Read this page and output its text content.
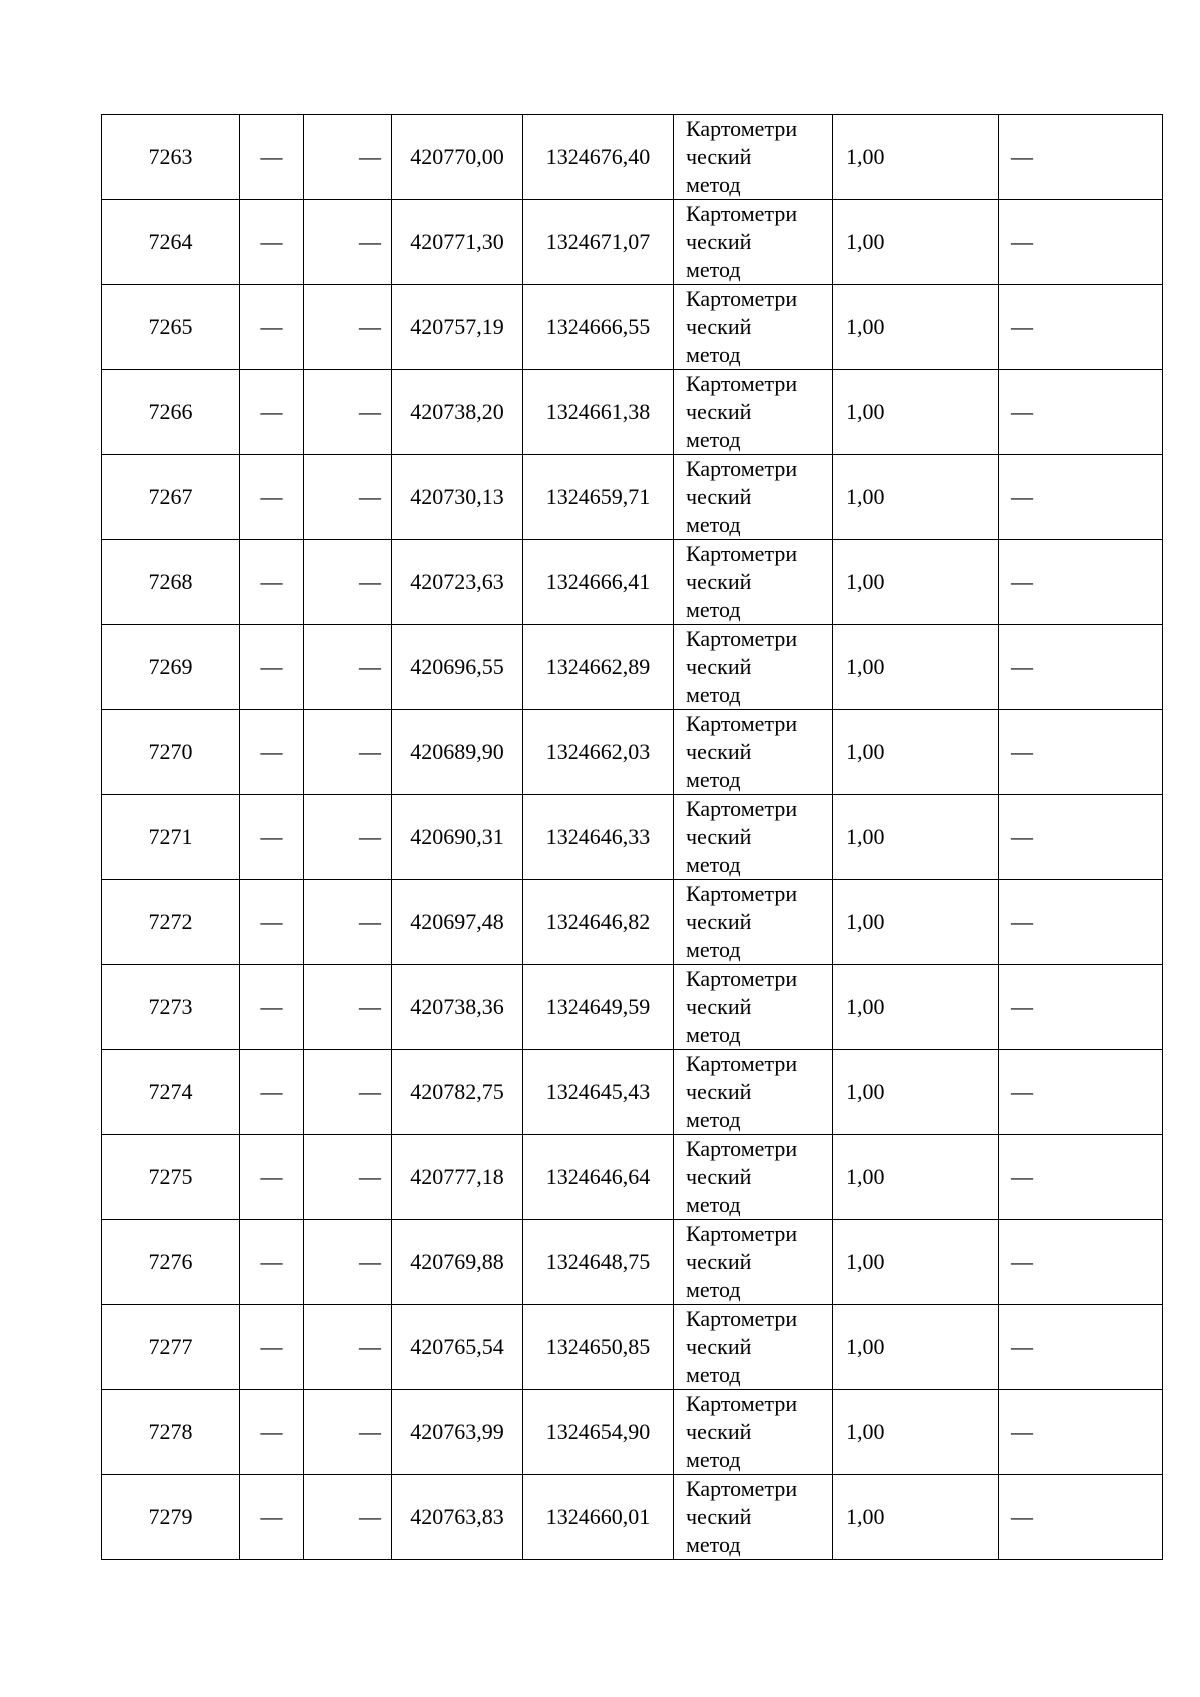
7263	—	—	420770,00	1324676,40	Картометри
ческий
метод	1,00	—
7264	—	—	420771,30	1324671,07	Картометри
ческий
метод	1,00	—
7265	—	—	420757,19	1324666,55	Картометри
ческий
метод	1,00	—
7266	—	—	420738,20	1324661,38	Картометри
ческий
метод	1,00	—
7267	—	—	420730,13	1324659,71	Картометри
ческий
метод	1,00	—
7268	—	—	420723,63	1324666,41	Картометри
ческий
метод	1,00	—
7269	—	—	420696,55	1324662,89	Картометри
ческий
метод	1,00	—
7270	—	—	420689,90	1324662,03	Картометри
ческий
метод	1,00	—
7271	—	—	420690,31	1324646,33	Картометри
ческий
метод	1,00	—
7272	—	—	420697,48	1324646,82	Картометри
ческий
метод	1,00	—
7273	—	—	420738,36	1324649,59	Картометри
ческий
метод	1,00	—
7274	—	—	420782,75	1324645,43	Картометри
ческий
метод	1,00	—
7275	—	—	420777,18	1324646,64	Картометри
ческий
метод	1,00	—
7276	—	—	420769,88	1324648,75	Картометри
ческий
метод	1,00	—
7277	—	—	420765,54	1324650,85	Картометри
ческий
метод	1,00	—
7278	—	—	420763,99	1324654,90	Картометри
ческий
метод	1,00	—
7279	—	—	420763,83	1324660,01	Картометри
ческий
метод	1,00	—
